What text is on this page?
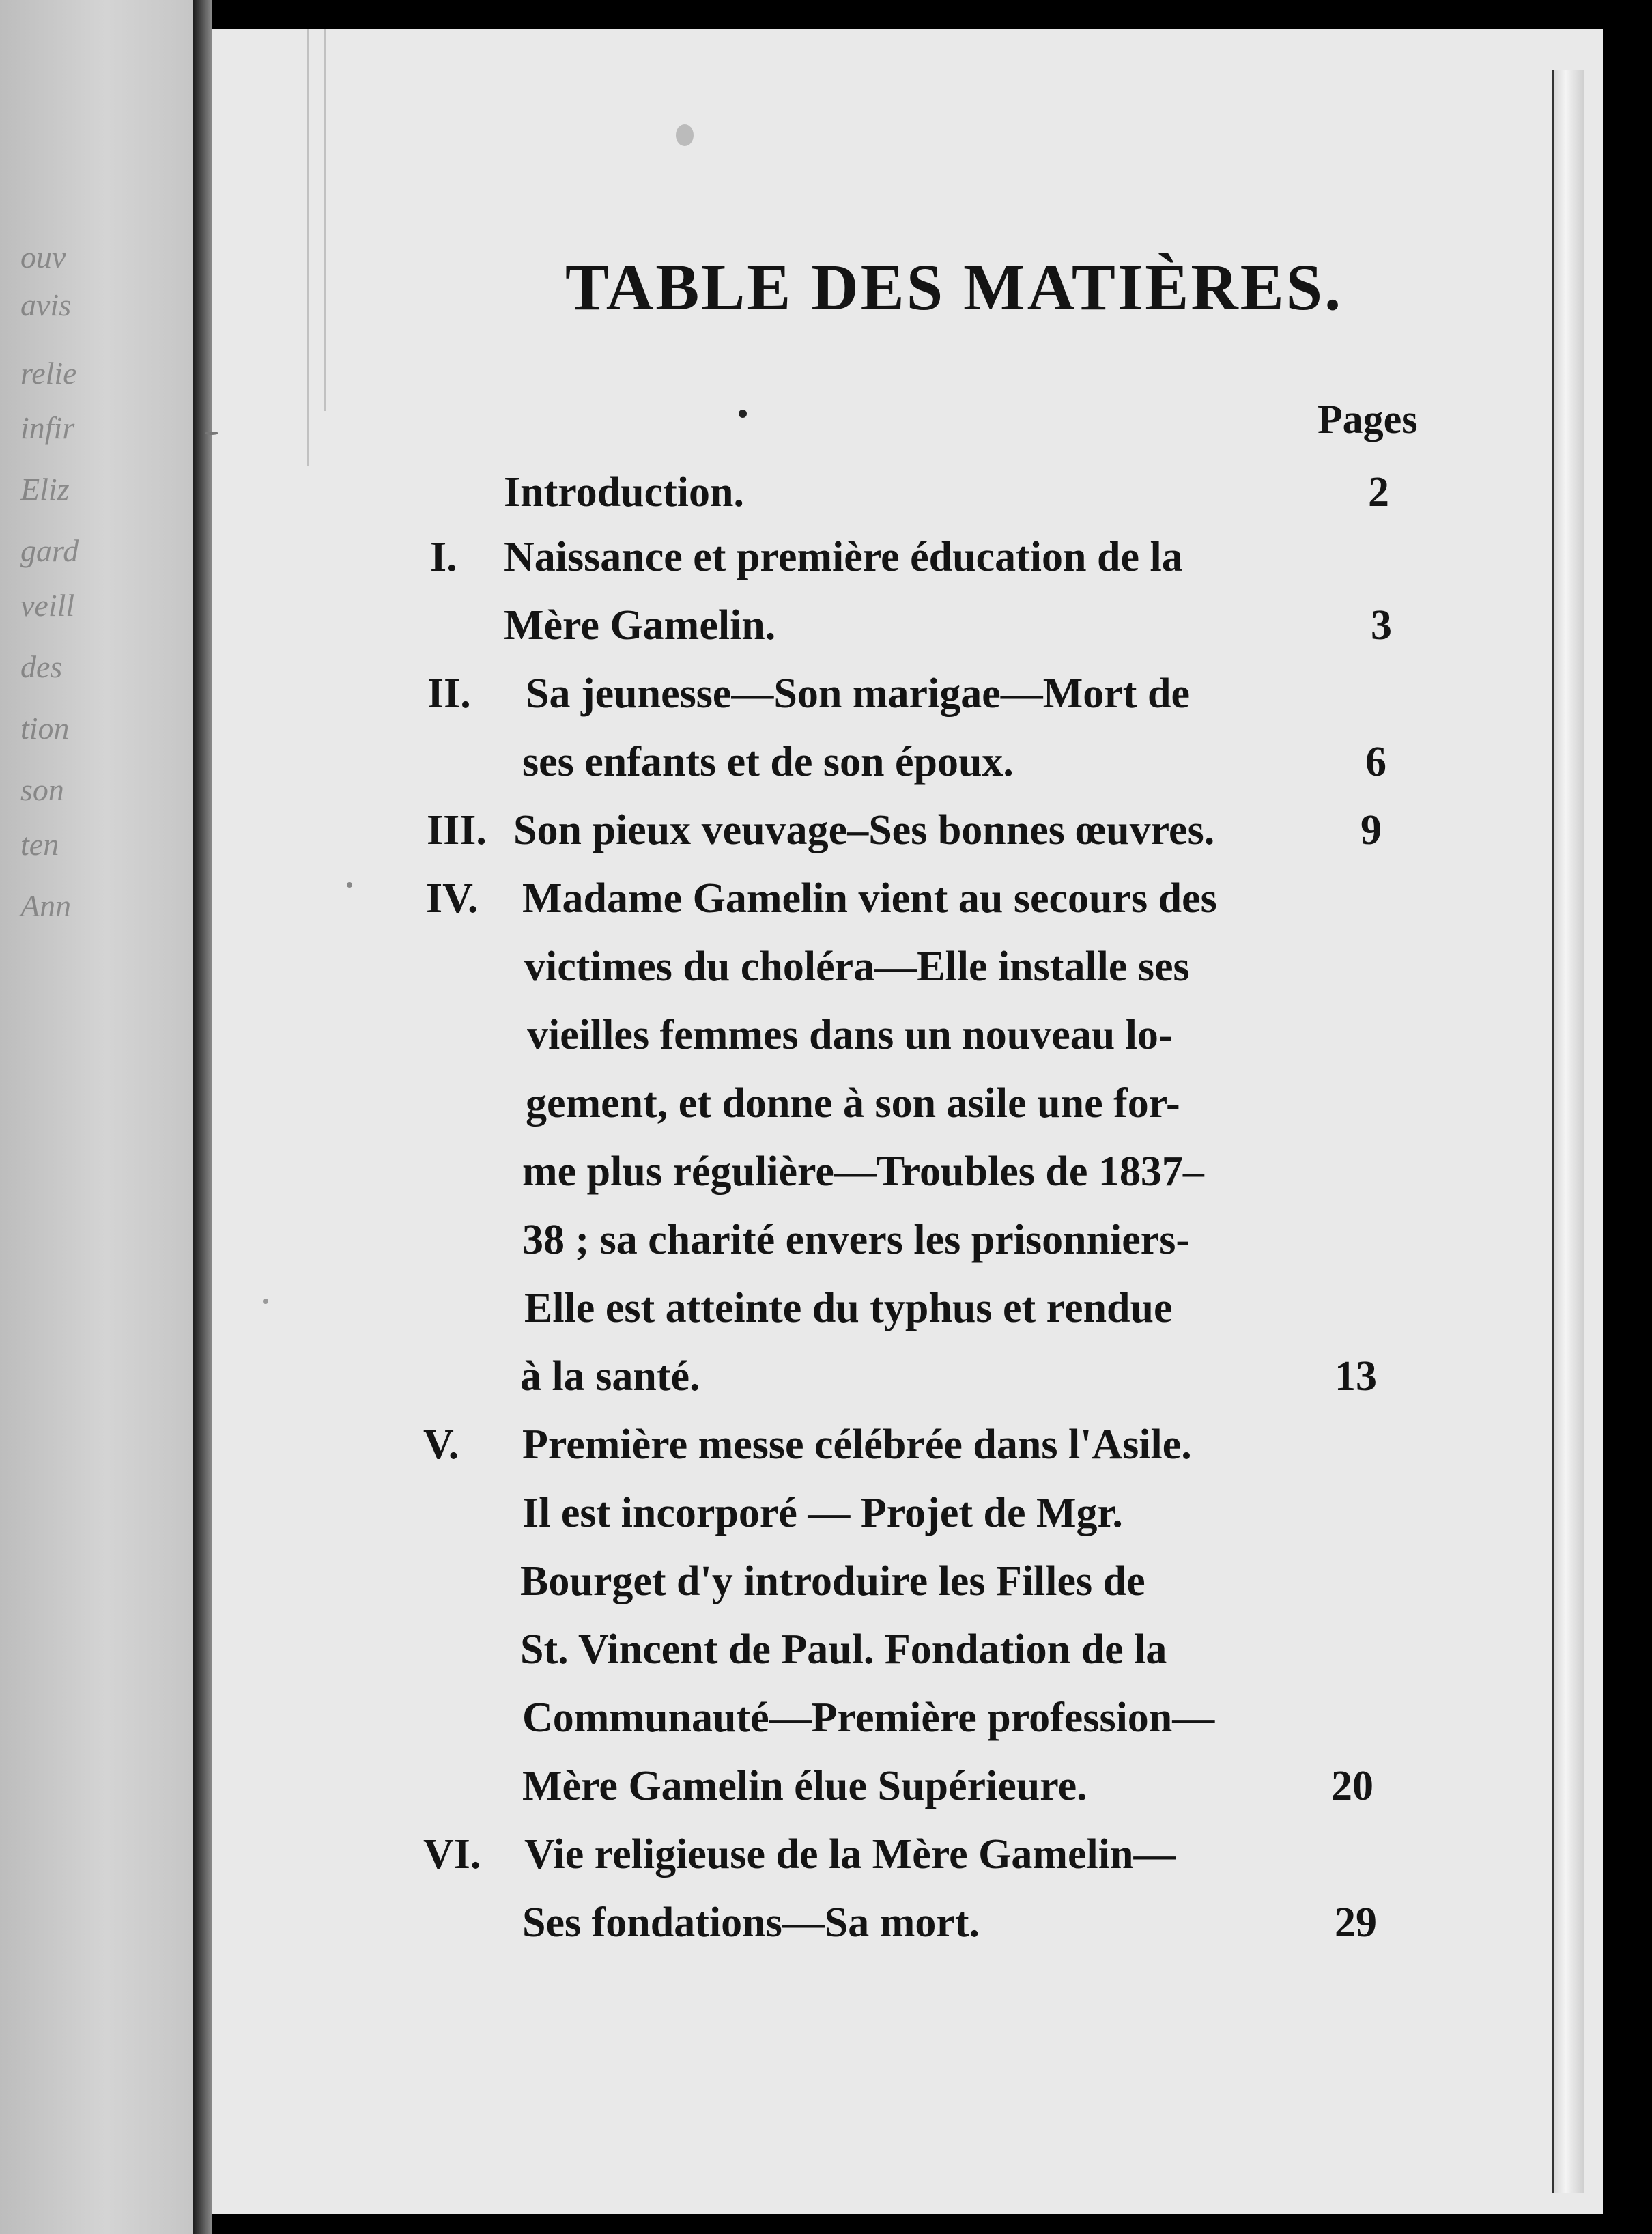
ouv
avis
relie
infir
Eliz
gard
veill
des
tion
son
ten
Ann
TABLE DES MATIÈRES.
Pages
Introduction.	2
I. Naissance et première éducation de la
Mère Gamelin.	3
II. Sa jeunesse—Son marigae—Mort de
ses enfants et de son époux.	6
III. Son pieux veuvage–Ses bonnes œuvres.	9
IV. Madame Gamelin vient au secours des
victimes du choléra—Elle installe ses
vieilles femmes dans un nouveau lo-
gement, et donne à son asile une for-
me plus régulière—Troubles de 1837–
38 ; sa charité envers les prisonniers-
Elle est atteinte du typhus et rendue
à la santé.	13
V. Première messe célébrée dans l'Asile.
Il est incorporé — Projet de Mgr.
Bourget d'y introduire les Filles de
St. Vincent de Paul. Fondation de la
Communauté—Première profession—
Mère Gamelin élue Supérieure.	20
VI. Vie religieuse de la Mère Gamelin—
Ses fondations—Sa mort.	29
